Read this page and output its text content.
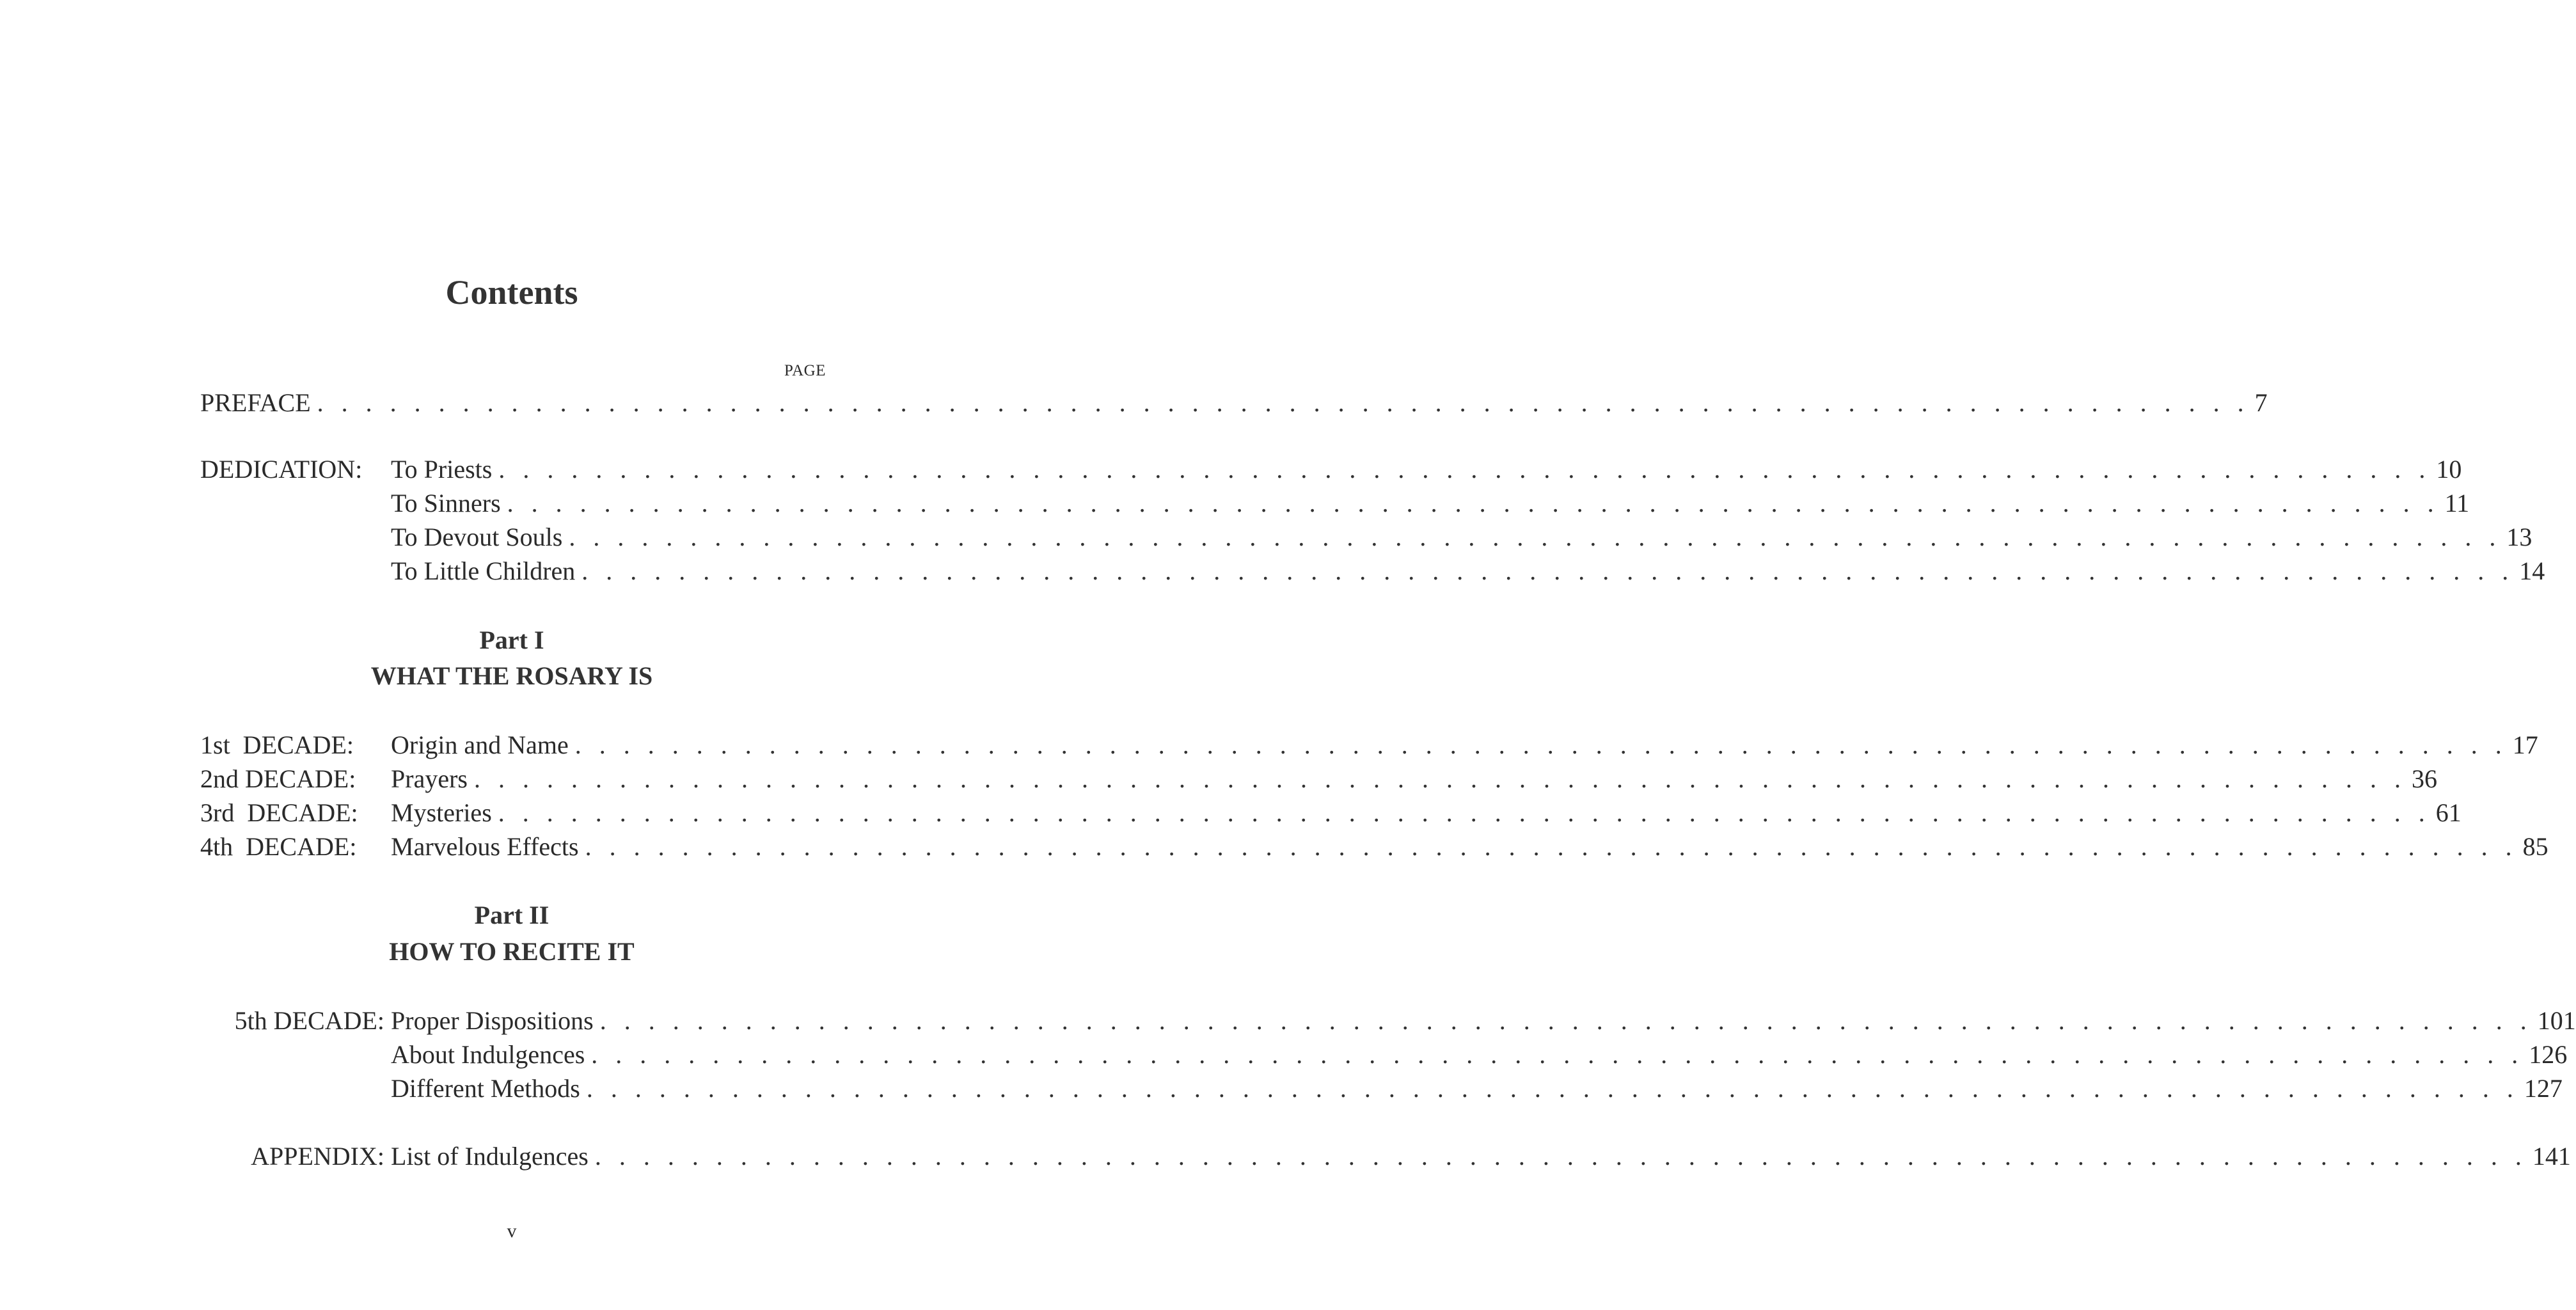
Contents
PAGE
PREFACE . . . . . . . . . . . . . . . . . . . . . . . . . . . . . . . . . . . . . . . . . . . . . . . . . . . . . . . . . . . . . . . . . . . . . . . . . . . . . . . . 7
DEDICATION: To Priests . . . . . . . . . . . . . . . . . . . . . . . . . . . . . . . . . . . . . . . . . . . . . . . . . . . . . . . . . . . . . . . . . . . . . . . . . . . . . . . . 10
To Sinners . . . . . . . . . . . . . . . . . . . . . . . . . . . . . . . . . . . . . . . . . . . . . . . . . . . . . . . . . . . . . . . . . . . . . . . . . . . . . . . . 11
To Devout Souls . . . . . . . . . . . . . . . . . . . . . . . . . . . . . . . . . . . . . . . . . . . . . . . . . . . . . . . . . . . . . . . . . . . . . . . . . . . . . . . . 13
To Little Children . . . . . . . . . . . . . . . . . . . . . . . . . . . . . . . . . . . . . . . . . . . . . . . . . . . . . . . . . . . . . . . . . . . . . . . . . . . . . . . . 14
Part I
WHAT THE ROSARY IS
1st  DECADE: Origin and Name . . . . . . . . . . . . . . . . . . . . . . . . . . . . . . . . . . . . . . . . . . . . . . . . . . . . . . . . . . . . . . . . . . . . . . . . . . . . . . . . 17
2nd DECADE: Prayers . . . . . . . . . . . . . . . . . . . . . . . . . . . . . . . . . . . . . . . . . . . . . . . . . . . . . . . . . . . . . . . . . . . . . . . . . . . . . . . . 36
3rd  DECADE: Mysteries . . . . . . . . . . . . . . . . . . . . . . . . . . . . . . . . . . . . . . . . . . . . . . . . . . . . . . . . . . . . . . . . . . . . . . . . . . . . . . . . 61
4th  DECADE: Marvelous Effects . . . . . . . . . . . . . . . . . . . . . . . . . . . . . . . . . . . . . . . . . . . . . . . . . . . . . . . . . . . . . . . . . . . . . . . . . . . . . . . . 85
Part II
HOW TO RECITE IT
5th DECADE: Proper Dispositions . . . . . . . . . . . . . . . . . . . . . . . . . . . . . . . . . . . . . . . . . . . . . . . . . . . . . . . . . . . . . . . . . . . . . . . . . . . . . . . . 101
About Indulgences . . . . . . . . . . . . . . . . . . . . . . . . . . . . . . . . . . . . . . . . . . . . . . . . . . . . . . . . . . . . . . . . . . . . . . . . . . . . . . . . 126
Different Methods . . . . . . . . . . . . . . . . . . . . . . . . . . . . . . . . . . . . . . . . . . . . . . . . . . . . . . . . . . . . . . . . . . . . . . . . . . . . . . . . 127
APPENDIX: List of Indulgences . . . . . . . . . . . . . . . . . . . . . . . . . . . . . . . . . . . . . . . . . . . . . . . . . . . . . . . . . . . . . . . . . . . . . . . . . . . . . . . . 141
v
